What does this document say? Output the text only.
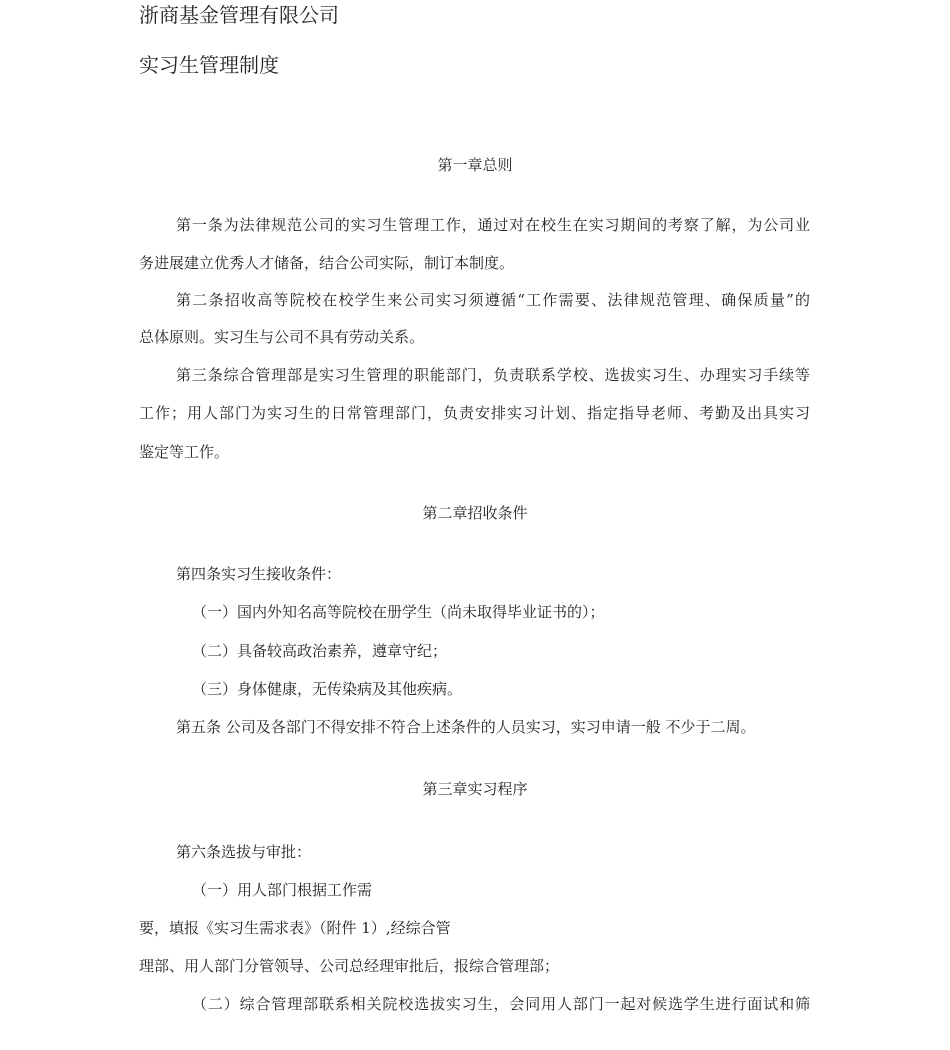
浙商基金管理有限公司
实习生管理制度
第一章总则
第一条为法律规范公司的实习生管理工作，通过对在校生在实习期间的考察了解，为公司业
务进展建立优秀人才储备，结合公司实际，制订本制度。
第二条招收高等院校在校学生来公司实习须遵循“工作需要、法律规范管理、确保质量”的
总体原则。实习生与公司不具有劳动关系。
第三条综合管理部是实习生管理的职能部门，负责联系学校、选拔实习生、办理实习手续等
工作；用人部门为实习生的日常管理部门，负责安排实习计划、指定指导老师、考勤及出具实习
鉴定等工作。
第二章招收条件
第四条实习生接收条件：
（一）国内外知名高等院校在册学生（尚未取得毕业证书的）；
（二）具备较高政治素养，遵章守纪；
（三）身体健康，无传染病及其他疾病。
第五条 公司及各部门不得安排不符合上述条件的人员实习，实习申请一般 不少于二周。
第三章实习程序
第六条选拔与审批：
（一）用人部门根据工作需
要，填报《实习生需求表》（附件 1）,经综合管
理部、用人部门分管领导、公司总经理审批后，报综合管理部；
（二）综合管理部联系相关院校选拔实习生，会同用人部门一起对候选学生进行面试和筛
